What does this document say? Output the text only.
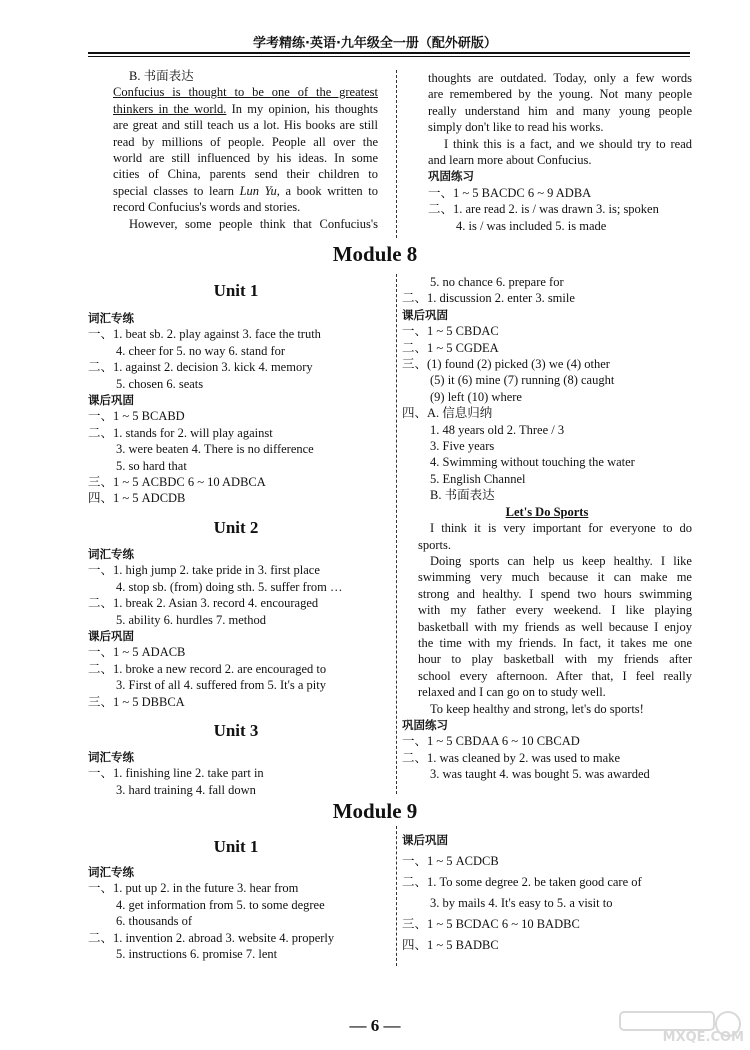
学考精练·英语·九年级全一册（配外研版）
B. 书面表达
Confucius is thought to be one of the greatest
thinkers in the world. In my opinion, his thoughts
are great and still teach us a lot. His books are still
read by millions of people. People all over the
world are still influenced by his ideas. In some
cities of China, parents send their children to
special classes to learn Lun Yu, a book written to
record Confucius's words and stories.
However, some people think that Confucius's
thoughts are outdated. Today, only a few words
are remembered by the young. Not many people
really understand him and many young people
simply don't like to read his works.
I think this is a fact, and we should try to read
and learn more about Confucius.
巩固练习
一、1 ~ 5 BACDC 6 ~ 9 ADBA
二、1. are read 2. is / was drawn 3. is; spoken
4. is / was included 5. is made
Module 8
Unit 1
词汇专练
一、1. beat sb. 2. play against 3. face the truth
4. cheer for 5. no way 6. stand for
二、1. against 2. decision 3. kick 4. memory
5. chosen 6. seats
课后巩固
一、1 ~ 5 BCABD
二、1. stands for 2. will play against
3. were beaten 4. There is no difference
5. so hard that
三、1 ~ 5 ACBDC 6 ~ 10 ADBCA
四、1 ~ 5 ADCDB
Unit 2
词汇专练
一、1. high jump 2. take pride in 3. first place
4. stop sb. (from) doing sth. 5. suffer from …
二、1. break 2. Asian 3. record 4. encouraged
5. ability 6. hurdles 7. method
课后巩固
一、1 ~ 5 ADACB
二、1. broke a new record 2. are encouraged to
3. First of all 4. suffered from 5. It's a pity
三、1 ~ 5 DBBCA
Unit 3
词汇专练
一、1. finishing line 2. take part in
3. hard training 4. fall down
5. no chance 6. prepare for
二、1. discussion 2. enter 3. smile
课后巩固
一、1 ~ 5 CBDAC
二、1 ~ 5 CGDEA
三、(1) found (2) picked (3) we (4) other
(5) it (6) mine (7) running (8) caught
(9) left (10) where
四、A. 信息归纳
1. 48 years old 2. Three / 3
3. Five years
4. Swimming without touching the water
5. English Channel
B. 书面表达
Let's Do Sports
I think it is very important for everyone to do
sports.
Doing sports can help us keep healthy. I like
swimming very much because it can make me
strong and healthy. I spend two hours swimming
with my father every weekend. I like playing
basketball with my friends as well because I enjoy
the time with my friends. In fact, it takes me one
hour to play basketball with my friends after
school every afternoon. After that, I feel really
relaxed and I can go on to study well.
To keep healthy and strong, let's do sports!
巩固练习
一、1 ~ 5 CBDAA 6 ~ 10 CBCAD
二、1. was cleaned by 2. was used to make
3. was taught 4. was bought 5. was awarded
Module 9
Unit 1
词汇专练
一、1. put up 2. in the future 3. hear from
4. get information from 5. to some degree
6. thousands of
二、1. invention 2. abroad 3. website 4. properly
5. instructions 6. promise 7. lent
课后巩固
一、1 ~ 5 ACDCB
二、1. To some degree 2. be taken good care of
3. by mails 4. It's easy to 5. a visit to
三、1 ~ 5 BCDAC 6 ~ 10 BADBC
四、1 ~ 5 BADBC
— 6 —
MXQE.COM
